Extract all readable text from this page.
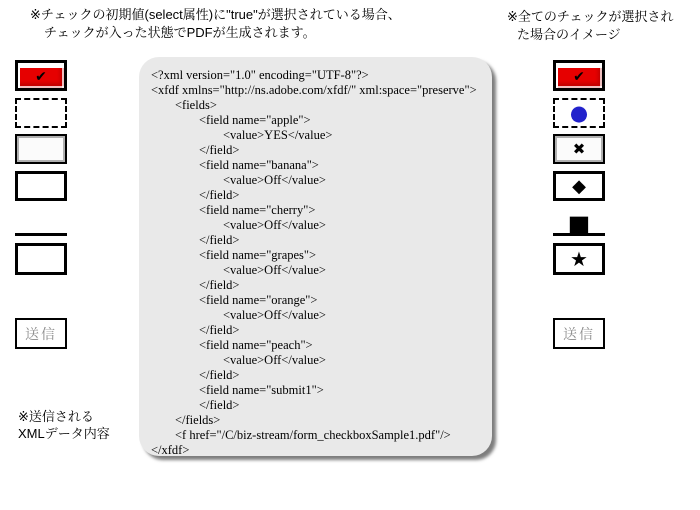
※チェックの初期値(select属性)に"true"が選択されている場合、
チェックが入った状態でPDFが生成されます。
※全てのチェックが選択され
た場合のイメージ
<?xml version="1.0" encoding="UTF-8"?>
<xfdf xmlns="http://ns.adobe.com/xfdf/" xml:space="preserve">
<fields>
<field name="apple">
<value>YES</value>
</field>
<field name="banana">
<value>Off</value>
</field>
<field name="cherry">
<value>Off</value>
</field>
<field name="grapes">
<value>Off</value>
</field>
<field name="orange">
<value>Off</value>
</field>
<field name="peach">
<value>Off</value>
</field>
<field name="submit1">
</field>
</fields>
<f href="/C/biz-stream/form_checkboxSample1.pdf"/>
</xfdf>
✔
送信
✔
●
✖
◆
■
★
送信
※送信される
XMLデータ内容
